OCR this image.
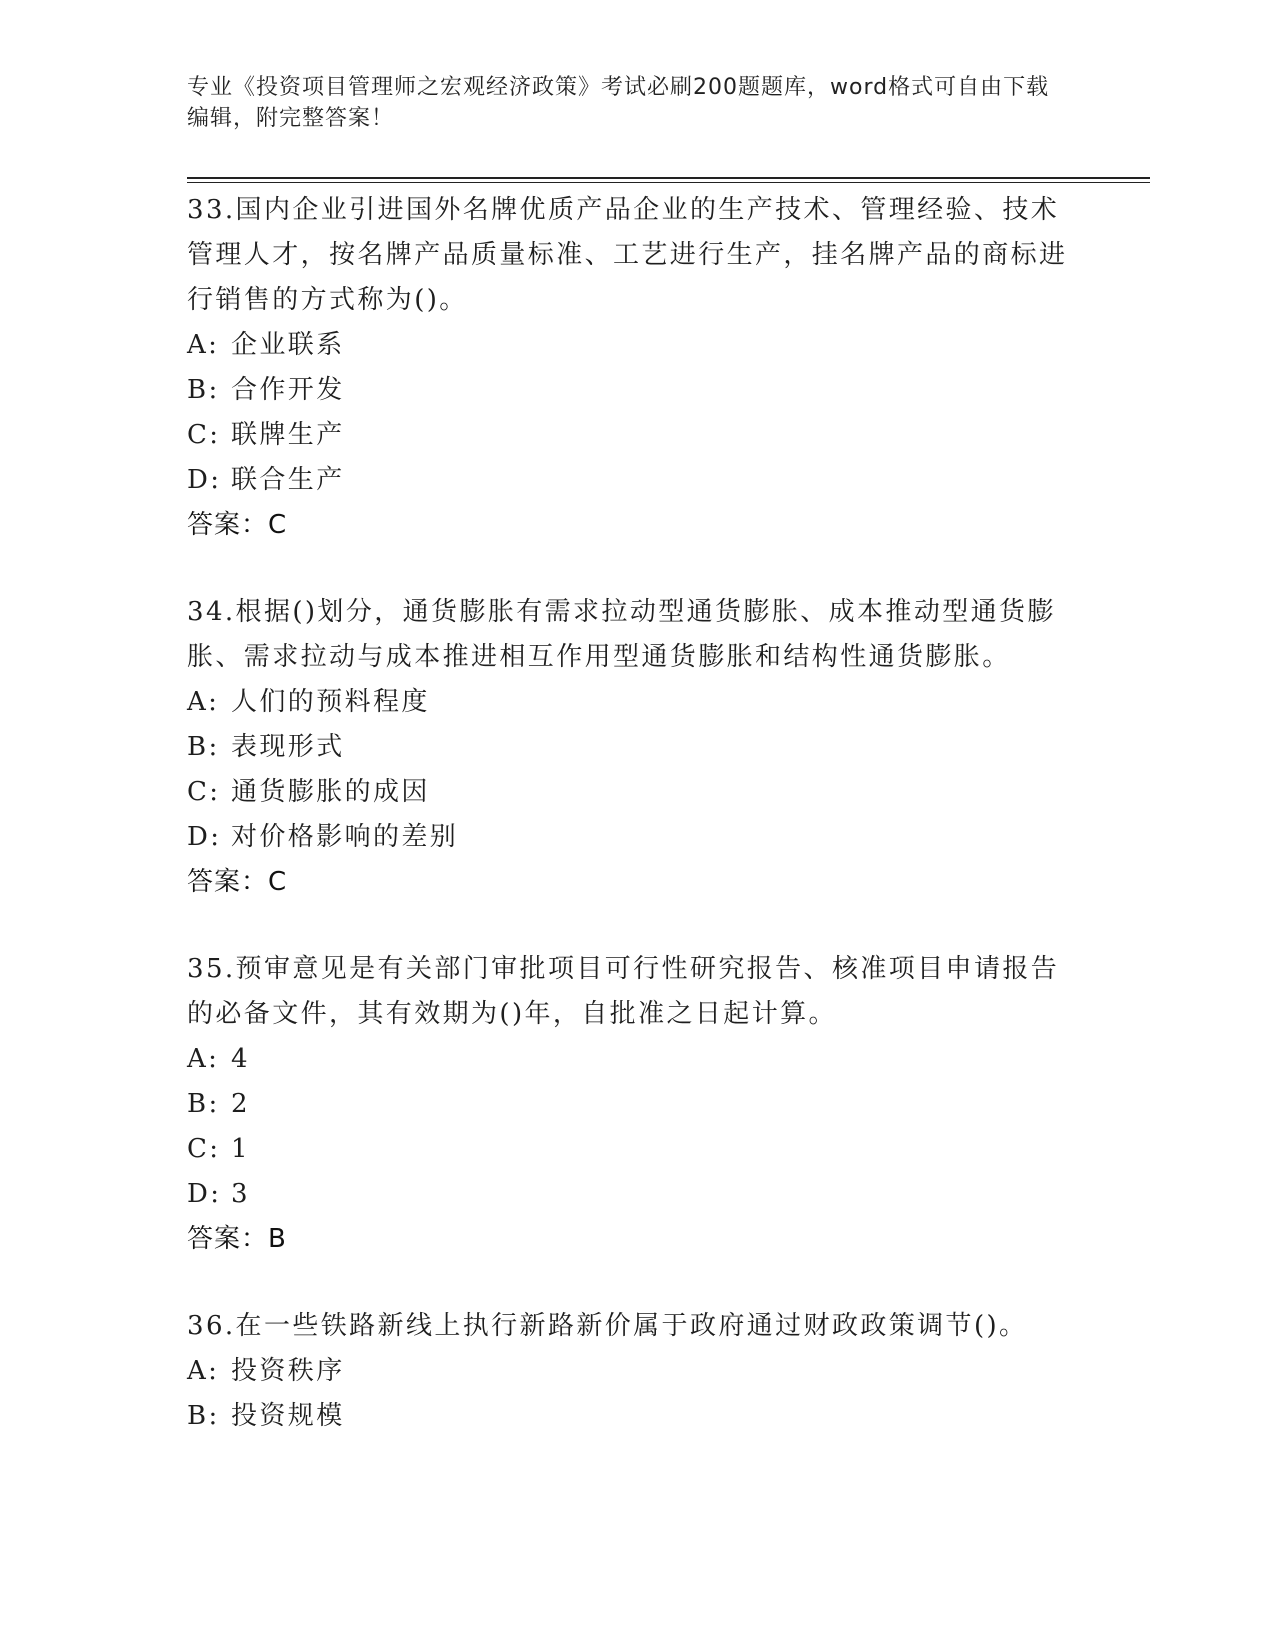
专业《投资项目管理师之宏观经济政策》考试必刷200题题库，word格式可自由下载编辑，附完整答案！

33.国内企业引进国外名牌优质产品企业的生产技术、管理经验、技术管理人才，按名牌产品质量标准、工艺进行生产，挂名牌产品的商标进行销售的方式称为()。

A: 企业联系

B: 合作开发

C: 联牌生产

D: 联合生产

答案：C

34.根据()划分，通货膨胀有需求拉动型通货膨胀、成本推动型通货膨胀、需求拉动与成本推进相互作用型通货膨胀和结构性通货膨胀。

A: 人们的预料程度

B: 表现形式

C: 通货膨胀的成因

D: 对价格影响的差别

答案：C

35.预审意见是有关部门审批项目可行性研究报告、核准项目申请报告的必备文件，其有效期为()年，自批准之日起计算。

A: 4

B: 2

C: 1

D: 3

答案：B

36.在一些铁路新线上执行新路新价属于政府通过财政政策调节()。

A: 投资秩序

B: 投资规模
